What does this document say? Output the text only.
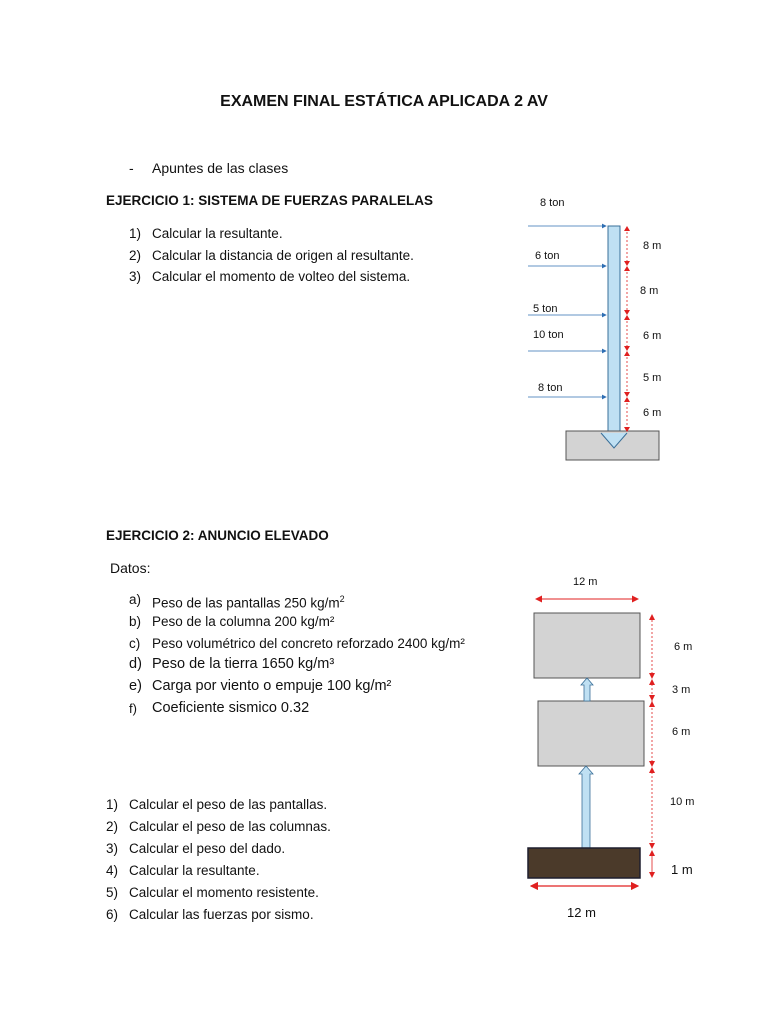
EXAMEN FINAL ESTÁTICA APLICADA 2 AV
- Apuntes de las clases
EJERCICIO 1: SISTEMA DE FUERZAS PARALELAS
1) Calcular la resultante.
2) Calcular la distancia de origen al resultante.
3) Calcular el momento de volteo del sistema.
8 ton
6 ton
5 ton
10 ton
8 ton
8 m
8 m
6 m
5 m
6 m
EJERCICIO 2: ANUNCIO ELEVADO
Datos:
a) Peso de las pantallas 250 $kg/m^2$
b) Peso de la columna 200 kg/m²
c) Peso volumétrico del concreto reforzado 2400 kg/m²
d) Peso de la tierra 1650 kg/m³
e) Carga por viento o empuje 100 kg/m²
f) Coeficiente sismico 0.32
1) Calcular el peso de las pantallas.
2) Calcular el peso de las columnas.
3) Calcular el peso del dado.
4) Calcular la resultante.
5) Calcular el momento resistente.
6) Calcular las fuerzas por sismo.
12 m
6 m
3 m
6 m
10 m
1 m
12 m
